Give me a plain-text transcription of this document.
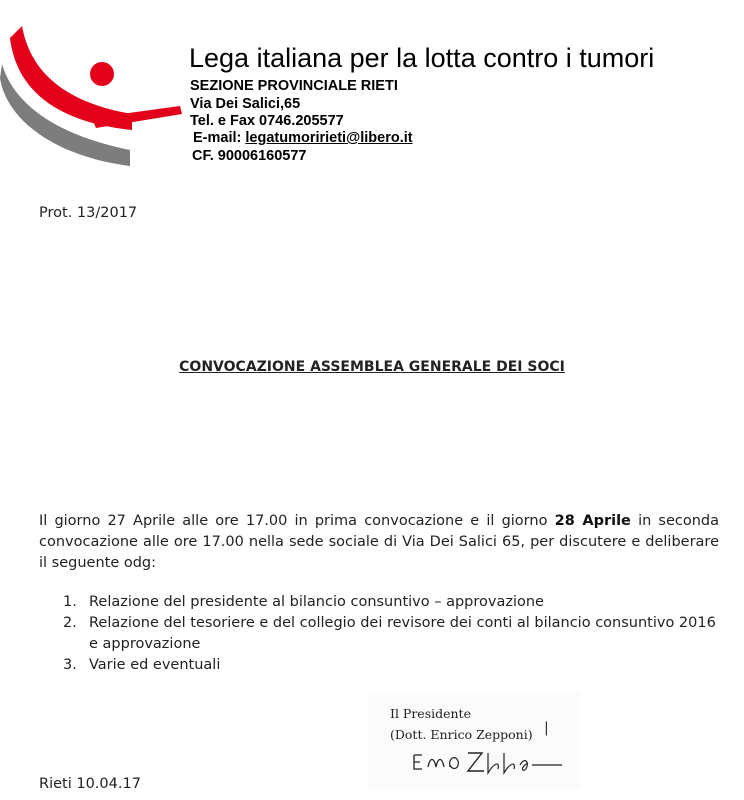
Lega italiana per la lotta contro i tumori
SEZIONE PROVINCIALE RIETI
Via Dei Salici,65
Tel. e Fax 0746.205577
E-mail: legatumoririeti@libero.it
CF. 90006160577
Prot. 13/2017
CONVOCAZIONE ASSEMBLEA GENERALE DEI SOCI

Il giorno 27 Aprile alle ore 17.00 in prima convocazione e il giorno 28 Aprile in seconda convocazione alle ore 17.00 nella sede sociale di Via Dei Salici 65, per discutere e deliberare il seguente odg:

1. Relazione del presidente al bilancio consuntivo – approvazione
2. Relazione del tesoriere e del collegio dei revisore dei conti al bilancio consuntivo 2016 e approvazione
3. Varie ed eventuali
Il Presidente
(Dott. Enrico Zepponi) |
Rieti 10.04.17
